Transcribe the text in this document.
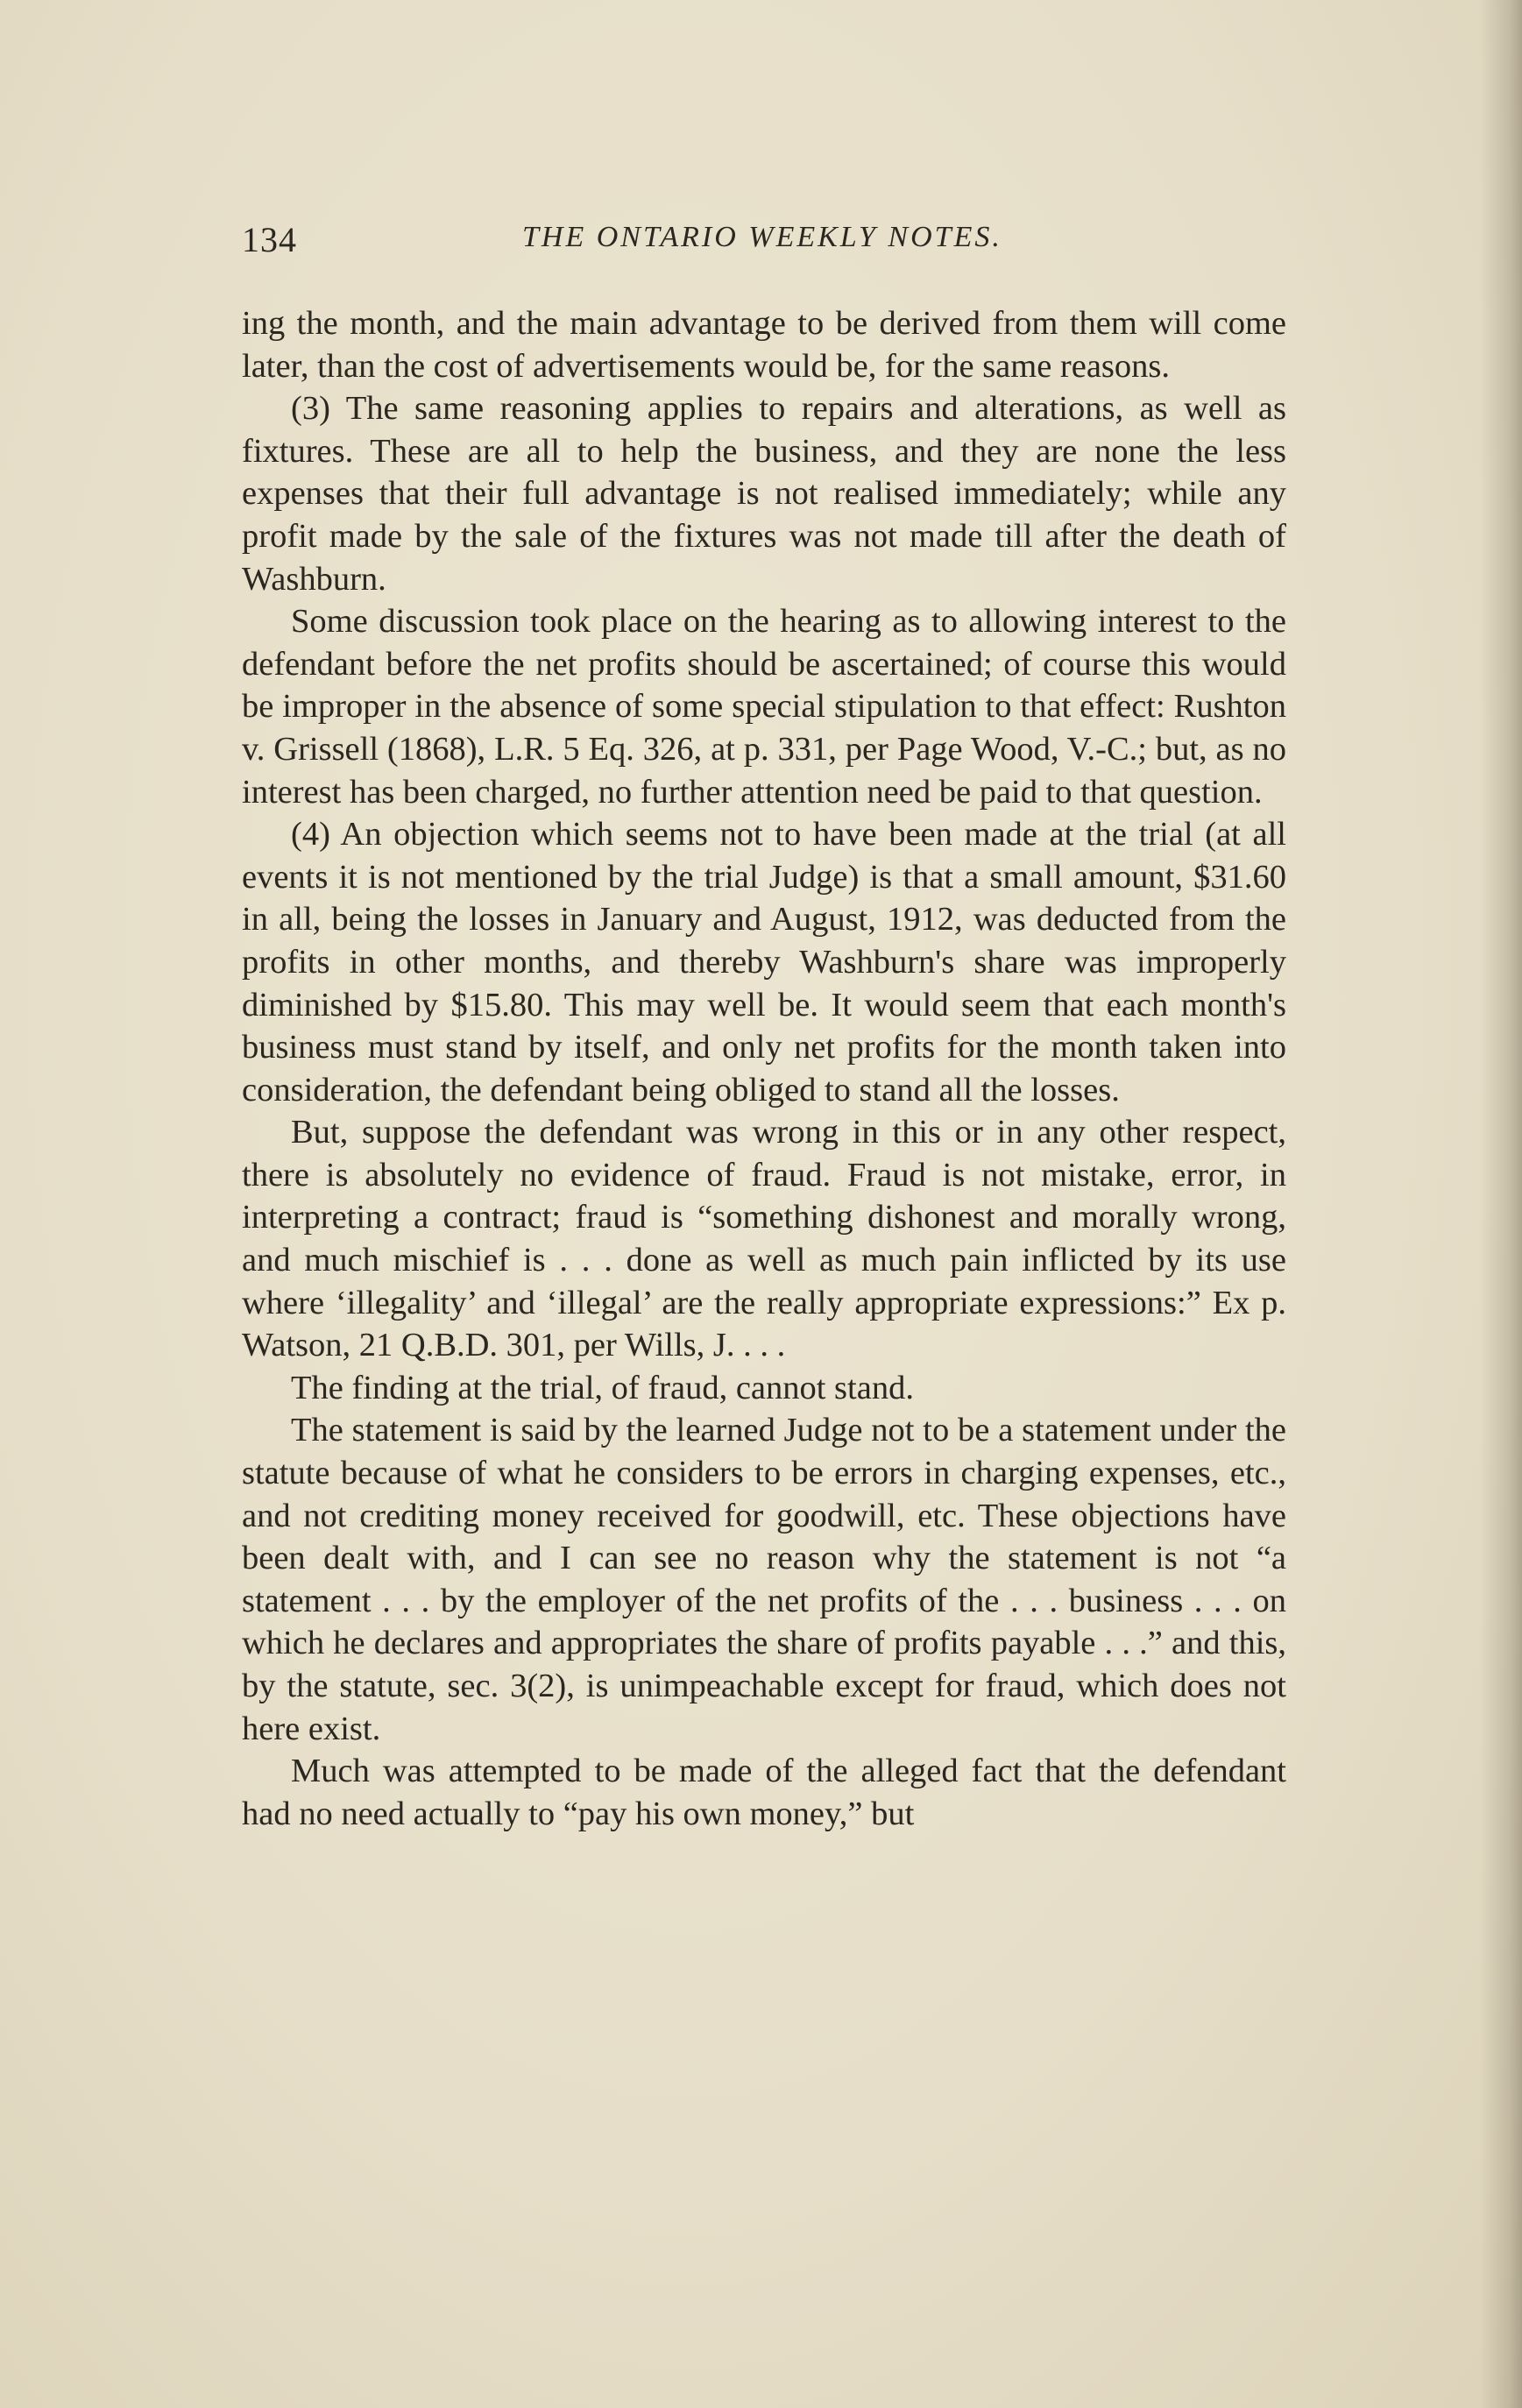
134	THE ONTARIO WEEKLY NOTES.

ing the month, and the main advantage to be derived from them will come later, than the cost of advertisements would be, for the same reasons.

(3) The same reasoning applies to repairs and alterations, as well as fixtures. These are all to help the business, and they are none the less expenses that their full advantage is not realised immediately; while any profit made by the sale of the fixtures was not made till after the death of Washburn.

Some discussion took place on the hearing as to allowing interest to the defendant before the net profits should be ascertained; of course this would be improper in the absence of some special stipulation to that effect: Rushton v. Grissell (1868), L.R. 5 Eq. 326, at p. 331, per Page Wood, V.-C.; but, as no interest has been charged, no further attention need be paid to that question.

(4) An objection which seems not to have been made at the trial (at all events it is not mentioned by the trial Judge) is that a small amount, $31.60 in all, being the losses in January and August, 1912, was deducted from the profits in other months, and thereby Washburn's share was improperly diminished by $15.80. This may well be. It would seem that each month's business must stand by itself, and only net profits for the month taken into consideration, the defendant being obliged to stand all the losses.

But, suppose the defendant was wrong in this or in any other respect, there is absolutely no evidence of fraud. Fraud is not mistake, error, in interpreting a contract; fraud is “something dishonest and morally wrong, and much mischief is . . . done as well as much pain inflicted by its use where ‘illegality’ and ‘illegal’ are the really appropriate expressions:” Ex p. Watson, 21 Q.B.D. 301, per Wills, J. . . .

The finding at the trial, of fraud, cannot stand.

The statement is said by the learned Judge not to be a statement under the statute because of what he considers to be errors in charging expenses, etc., and not crediting money received for goodwill, etc. These objections have been dealt with, and I can see no reason why the statement is not “a statement . . . by the employer of the net profits of the . . . business . . . on which he declares and appropriates the share of profits payable . . .” and this, by the statute, sec. 3(2), is unimpeachable except for fraud, which does not here exist.

Much was attempted to be made of the alleged fact that the defendant had no need actually to “pay his own money,” but
